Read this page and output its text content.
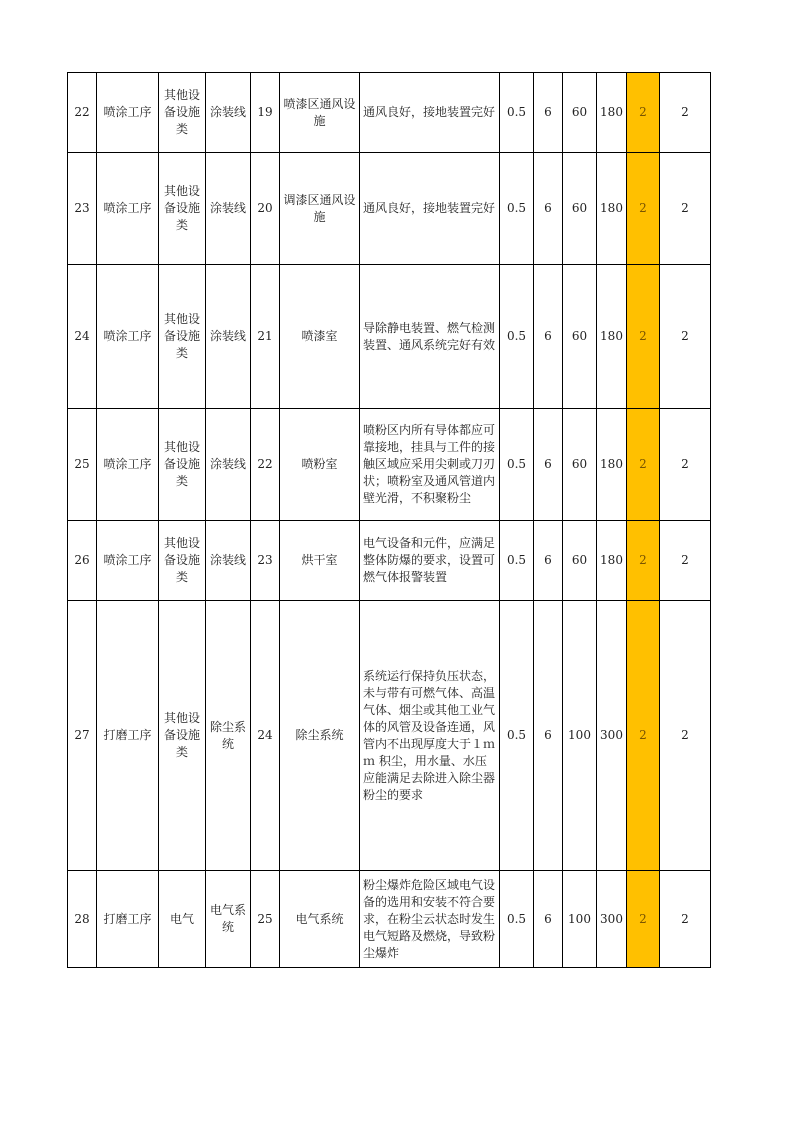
22	喷涂工序	其他设备设施类	涂装线	19	喷漆区通风设施	通风良好，接地装置完好	0.5	6	60	180	2	2
23	喷涂工序	其他设备设施类	涂装线	20	调漆区通风设施	通风良好，接地装置完好	0.5	6	60	180	2	2
24	喷涂工序	其他设备设施类	涂装线	21	喷漆室	导除静电装置、燃气检测装置、通风系统完好有效	0.5	6	60	180	2	2
25	喷涂工序	其他设备设施类	涂装线	22	喷粉室	喷粉区内所有导体都应可靠接地，挂具与工件的接触区域应采用尖刺或刀刃状；喷粉室及通风管道内壁光滑，不积聚粉尘	0.5	6	60	180	2	2
26	喷涂工序	其他设备设施类	涂装线	23	烘干室	电气设备和元件，应满足整体防爆的要求，设置可燃气体报警装置	0.5	6	60	180	2	2
27	打磨工序	其他设备设施类	除尘系统	24	除尘系统	系统运行保持负压状态，未与带有可燃气体、高温气体、烟尘或其他工业气体的风管及设备连通，风管内不出现厚度大于１ｍｍ 积尘，用水量、水压应能满足去除进入除尘器粉尘的要求	0.5	6	100	300	2	2
28	打磨工序	电气	电气系统	25	电气系统	粉尘爆炸危险区域电气设备的选用和安装不符合要求，在粉尘云状态时发生电气短路及燃烧，导致粉尘爆炸	0.5	6	100	300	2	2
